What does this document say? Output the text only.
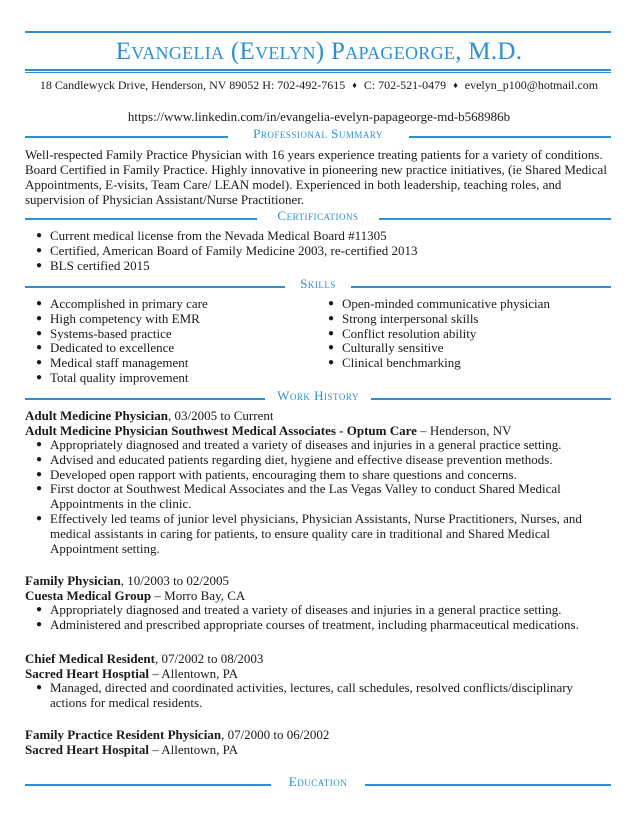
Evangelia (Evelyn) Papageorge, M.D.
18 Candlewyck Drive, Henderson, NV 89052 H: 702-492-7615 ♦ C: 702-521-0479 ♦ evelyn_p100@hotmail.com
https://www.linkedin.com/in/evangelia-evelyn-papageorge-md-b568986b
Professional Summary
Well-respected Family Practice Physician with 16 years experience treating patients for a variety of conditions. Board Certified in Family Practice. Highly innovative in pioneering new practice initiatives, (ie Shared Medical Appointments, E-visits, Team Care/ LEAN model). Experienced in both leadership, teaching roles, and supervision of Physician Assistant/Nurse Practitioner.
Certifications
● Current medical license from the Nevada Medical Board #11305
● Certified, American Board of Family Medicine 2003, re-certified 2013
● BLS certified 2015
Skills
● Accomplished in primary care
● High competency with EMR
● Systems-based practice
● Dedicated to excellence
● Medical staff management
● Total quality improvement
● Open-minded communicative physician
● Strong interpersonal skills
● Conflict resolution ability
● Culturally sensitive
● Clinical benchmarking
Work History
Adult Medicine Physician, 03/2005 to Current
Adult Medicine Physician Southwest Medical Associates - Optum Care – Henderson, NV
● Appropriately diagnosed and treated a variety of diseases and injuries in a general practice setting.
● Advised and educated patients regarding diet, hygiene and effective disease prevention methods.
● Developed open rapport with patients, encouraging them to share questions and concerns.
● First doctor at Southwest Medical Associates and the Las Vegas Valley to conduct Shared Medical Appointments in the clinic.
● Effectively led teams of junior level physicians, Physician Assistants, Nurse Practitioners, Nurses, and medical assistants in caring for patients, to ensure quality care in traditional and Shared Medical Appointment setting.
Family Physician, 10/2003 to 02/2005
Cuesta Medical Group – Morro Bay, CA
● Appropriately diagnosed and treated a variety of diseases and injuries in a general practice setting.
● Administered and prescribed appropriate courses of treatment, including pharmaceutical medications.
Chief Medical Resident, 07/2002 to 08/2003
Sacred Heart Hosptial – Allentown, PA
● Managed, directed and coordinated activities, lectures, call schedules, resolved conflicts/disciplinary actions for medical residents.
Family Practice Resident Physician, 07/2000 to 06/2002
Sacred Heart Hospital – Allentown, PA
Education
